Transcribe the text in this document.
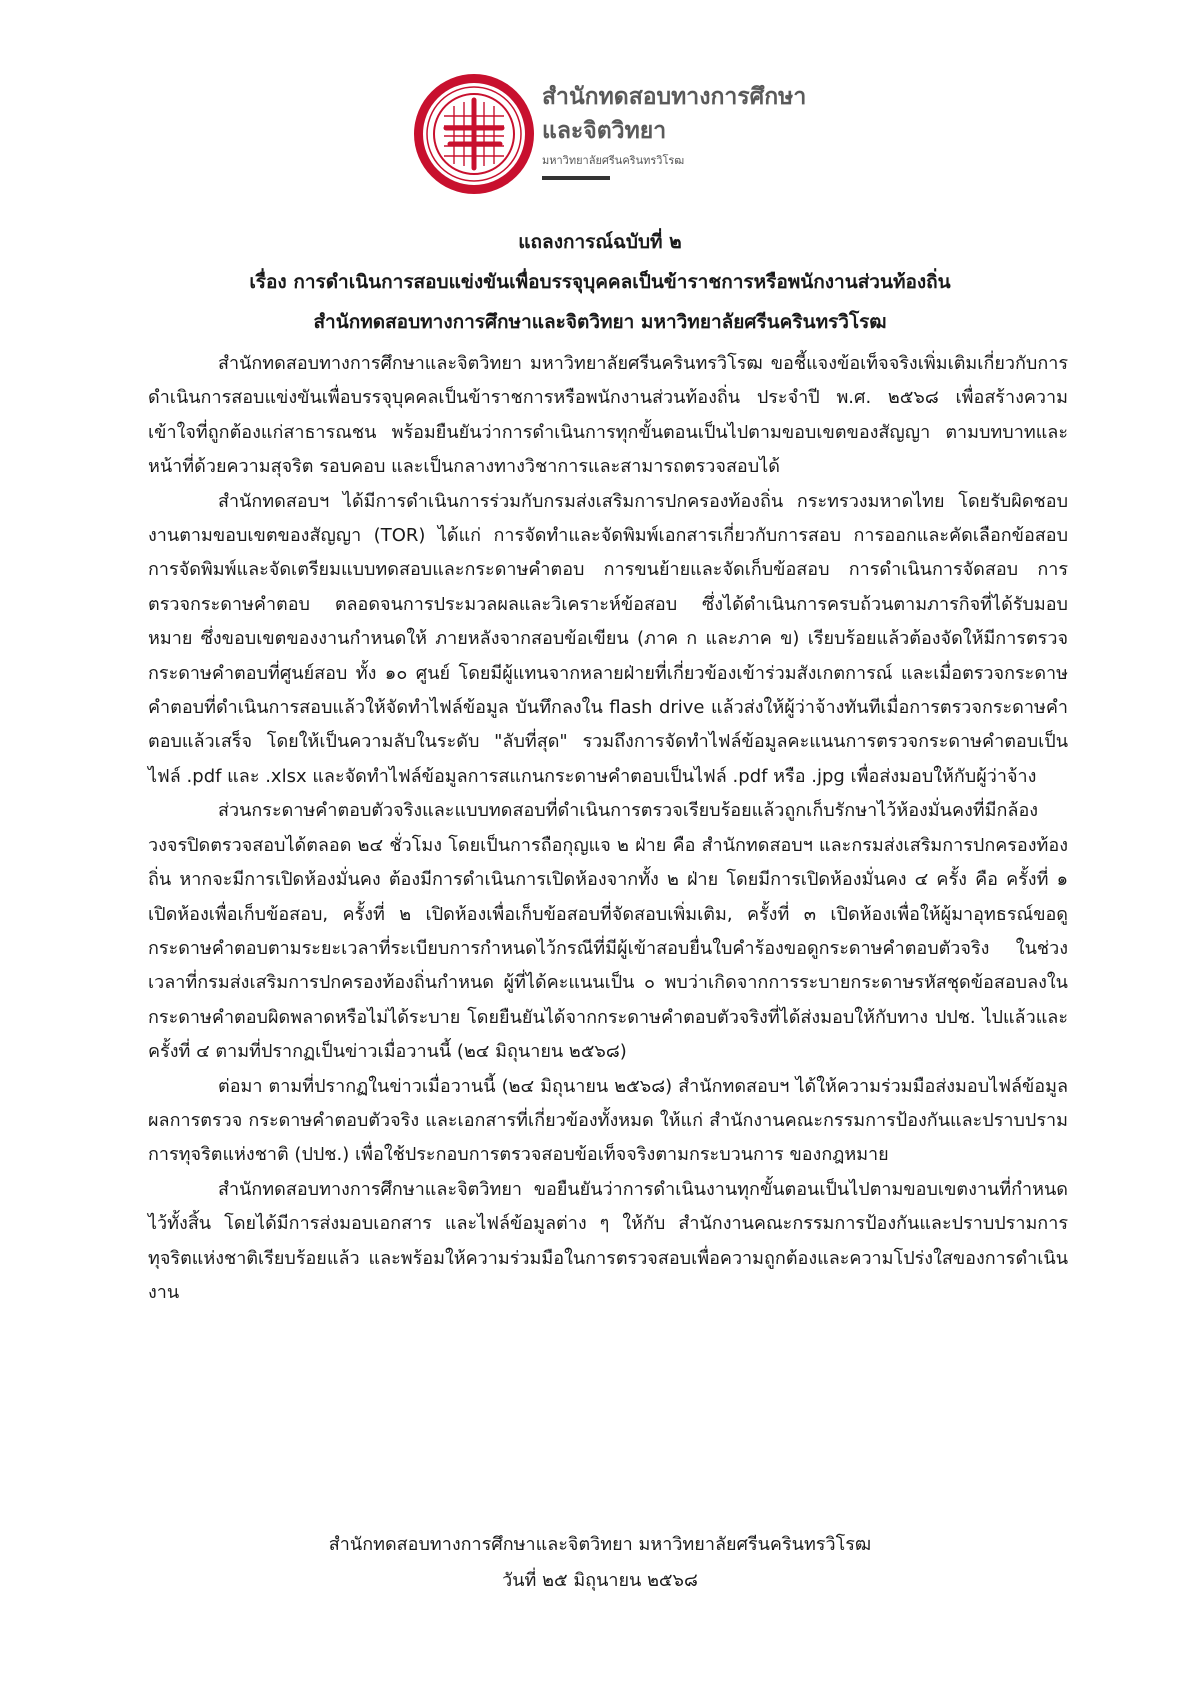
สำนักทดสอบทางการศึกษา
และจิตวิทยา
มหาวิทยาลัยศรีนครินทรวิโรฒ
แถลงการณ์ฉบับที่ ๒
เรื่อง การดำเนินการสอบแข่งขันเพื่อบรรจุบุคคลเป็นข้าราชการหรือพนักงานส่วนท้องถิ่น
สำนักทดสอบทางการศึกษาและจิตวิทยา มหาวิทยาลัยศรีนครินทรวิโรฒ

สำนักทดสอบทางการศึกษาและจิตวิทยา มหาวิทยาลัยศรีนครินทรวิโรฒ ขอชี้แจงข้อเท็จจริงเพิ่มเติมเกี่ยวกับการดำเนินการสอบแข่งขันเพื่อบรรจุบุคคลเป็นข้าราชการหรือพนักงานส่วนท้องถิ่น ประจำปี พ.ศ. ๒๕๖๘ เพื่อสร้างความเข้าใจที่ถูกต้องแก่สาธารณชน พร้อมยืนยันว่าการดำเนินการทุกขั้นตอนเป็นไปตามขอบเขตของสัญญา ตามบทบาทและหน้าที่ด้วยความสุจริต รอบคอบ และเป็นกลางทางวิชาการและสามารถตรวจสอบได้

สำนักทดสอบฯ ได้มีการดำเนินการร่วมกับกรมส่งเสริมการปกครองท้องถิ่น กระทรวงมหาดไทย โดยรับผิดชอบงานตามขอบเขตของสัญญา (TOR) ได้แก่ การจัดทำและจัดพิมพ์เอกสารเกี่ยวกับการสอบ การออกและคัดเลือกข้อสอบ การจัดพิมพ์และจัดเตรียมแบบทดสอบและกระดาษคำตอบ การขนย้ายและจัดเก็บข้อสอบ การดำเนินการจัดสอบ การตรวจกระดาษคำตอบ ตลอดจนการประมวลผลและวิเคราะห์ข้อสอบ ซึ่งได้ดำเนินการครบถ้วนตามภารกิจที่ได้รับมอบหมาย ซึ่งขอบเขตของงานกำหนดให้ ภายหลังจากสอบข้อเขียน (ภาค ก และภาค ข) เรียบร้อยแล้วต้องจัดให้มีการตรวจกระดาษคำตอบที่ศูนย์สอบ ทั้ง ๑๐ ศูนย์ โดยมีผู้แทนจากหลายฝ่ายที่เกี่ยวข้องเข้าร่วมสังเกตการณ์ และเมื่อตรวจกระดาษคำตอบที่ดำเนินการสอบแล้วให้จัดทำไฟล์ข้อมูล บันทึกลงใน flash drive แล้วส่งให้ผู้ว่าจ้างทันทีเมื่อการตรวจกระดาษคำตอบแล้วเสร็จ โดยให้เป็นความลับในระดับ "ลับที่สุด" รวมถึงการจัดทำไฟล์ข้อมูลคะแนนการตรวจกระดาษคำตอบเป็นไฟล์ .pdf และ .xlsx และจัดทำไฟล์ข้อมูลการสแกนกระดาษคำตอบเป็นไฟล์ .pdf หรือ .jpg เพื่อส่งมอบให้กับผู้ว่าจ้าง

ส่วนกระดาษคำตอบตัวจริงและแบบทดสอบที่ดำเนินการตรวจเรียบร้อยแล้วถูกเก็บรักษาไว้ห้องมั่นคงที่มีกล้องวงจรปิดตรวจสอบได้ตลอด ๒๔ ชั่วโมง โดยเป็นการถือกุญแจ ๒ ฝ่าย คือ สำนักทดสอบฯ และกรมส่งเสริมการปกครองท้องถิ่น หากจะมีการเปิดห้องมั่นคง ต้องมีการดำเนินการเปิดห้องจากทั้ง ๒ ฝ่าย โดยมีการเปิดห้องมั่นคง ๔ ครั้ง คือ ครั้งที่ ๑ เปิดห้องเพื่อเก็บข้อสอบ, ครั้งที่ ๒ เปิดห้องเพื่อเก็บข้อสอบที่จัดสอบเพิ่มเติม, ครั้งที่ ๓ เปิดห้องเพื่อให้ผู้มาอุทธรณ์ขอดูกระดาษคำตอบตามระยะเวลาที่ระเบียบการกำหนดไว้กรณีที่มีผู้เข้าสอบยื่นใบคำร้องขอดูกระดาษคำตอบตัวจริง ในช่วงเวลาที่กรมส่งเสริมการปกครองท้องถิ่นกำหนด ผู้ที่ได้คะแนนเป็น ๐ พบว่าเกิดจากการระบายกระดาษรหัสชุดข้อสอบลงในกระดาษคำตอบผิดพลาดหรือไม่ได้ระบาย โดยยืนยันได้จากกระดาษคำตอบตัวจริงที่ได้ส่งมอบให้กับทาง ปปช. ไปแล้วและครั้งที่ ๔ ตามที่ปรากฏเป็นข่าวเมื่อวานนี้ (๒๔ มิถุนายน ๒๕๖๘)

ต่อมา ตามที่ปรากฏในข่าวเมื่อวานนี้ (๒๔ มิถุนายน ๒๕๖๘) สำนักทดสอบฯ ได้ให้ความร่วมมือส่งมอบไฟล์ข้อมูลผลการตรวจ กระดาษคำตอบตัวจริง และเอกสารที่เกี่ยวข้องทั้งหมด ให้แก่ สำนักงานคณะกรรมการป้องกันและปราบปรามการทุจริตแห่งชาติ (ปปช.) เพื่อใช้ประกอบการตรวจสอบข้อเท็จจริงตามกระบวนการ ของกฎหมาย

สำนักทดสอบทางการศึกษาและจิตวิทยา ขอยืนยันว่าการดำเนินงานทุกขั้นตอนเป็นไปตามขอบเขตงานที่กำหนดไว้ทั้งสิ้น โดยได้มีการส่งมอบเอกสาร และไฟล์ข้อมูลต่าง ๆ ให้กับ สำนักงานคณะกรรมการป้องกันและปราบปรามการทุจริตแห่งชาติเรียบร้อยแล้ว และพร้อมให้ความร่วมมือในการตรวจสอบเพื่อความถูกต้องและความโปร่งใสของการดำเนินงาน

สำนักทดสอบทางการศึกษาและจิตวิทยา มหาวิทยาลัยศรีนครินทรวิโรฒ
วันที่ ๒๕ มิถุนายน ๒๕๖๘
